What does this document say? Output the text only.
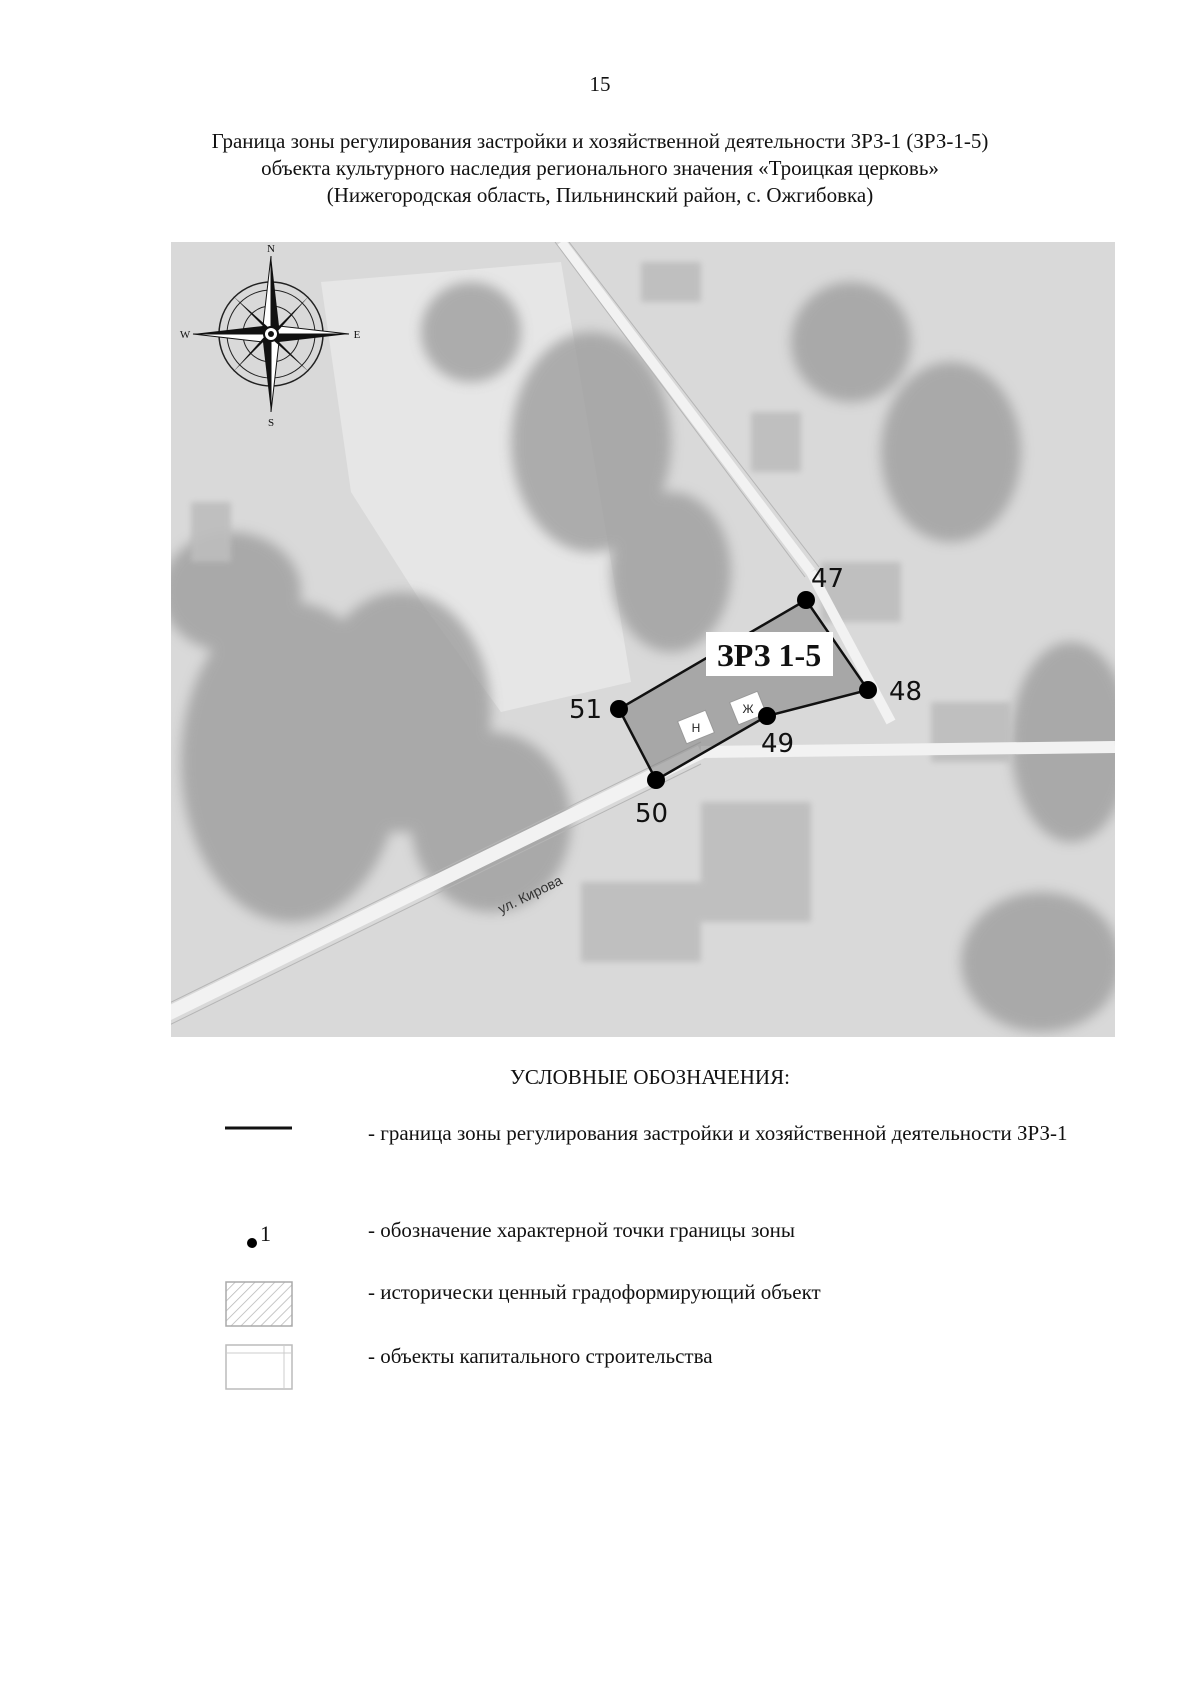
15
Граница зоны регулирования застройки и хозяйственной деятельности ЗРЗ-1 (ЗРЗ-1-5)
объекта культурного наследия регионального значения «Троицкая церковь»
(Нижегородская область, Пильнинский район, с. Ожгибовка)
ул. Кирова
Н
Ж
ЗРЗ 1-5
47
48
49
50
51
N
S
E
W
УСЛОВНЫЕ ОБОЗНАЧЕНИЯ:
- граница зоны регулирования застройки и хозяйственной деятельности ЗРЗ-1
1	- обозначение характерной точки границы зоны
- исторически ценный градоформирующий объект
- объекты капитального строительства
